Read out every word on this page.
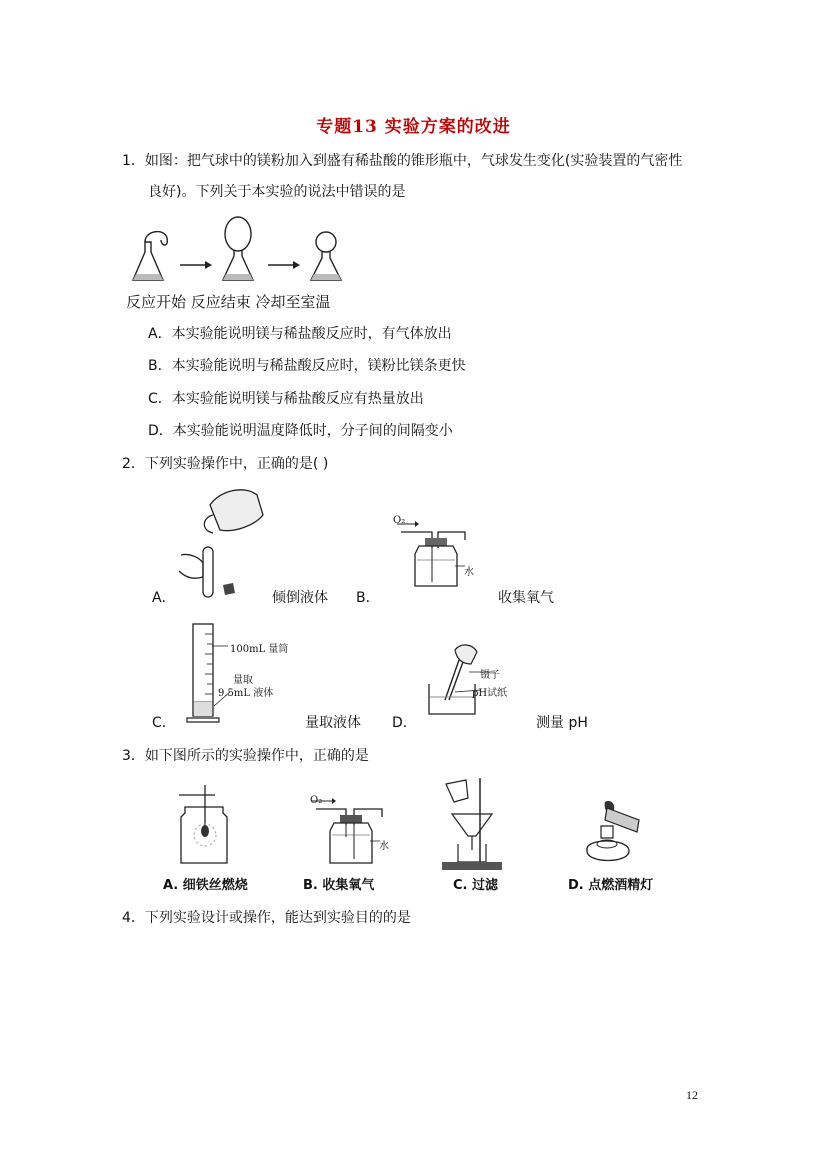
专题13 实验方案的改进
1．如图：把气球中的镁粉加入到盛有稀盐酸的锥形瓶中，气球发生变化(实验装置的气密性
良好)。下列关于本实验的说法中错误的是
反应开始 反应结束 冷却至室温
A．本实验能说明镁与稀盐酸反应时，有气体放出
B．本实验能说明与稀盐酸反应时，镁粉比镁条更快
C．本实验能说明镁与稀盐酸反应有热量放出
D．本实验能说明温度降低时，分子间的间隔变小
2．下列实验操作中，正确的是( )
A．	倾倒液体
O₂
水
B．	收集氧气
100mL 量筒
量取
9.5mL 液体
C．	量取液体
镊子
pH试纸
D．	测量 pH
3．如下图所示的实验操作中，正确的是
O₂
水
A. 细铁丝燃烧	B. 收集氧气	C. 过滤	D. 点燃酒精灯
4．下列实验设计或操作，能达到实验目的的是
12
